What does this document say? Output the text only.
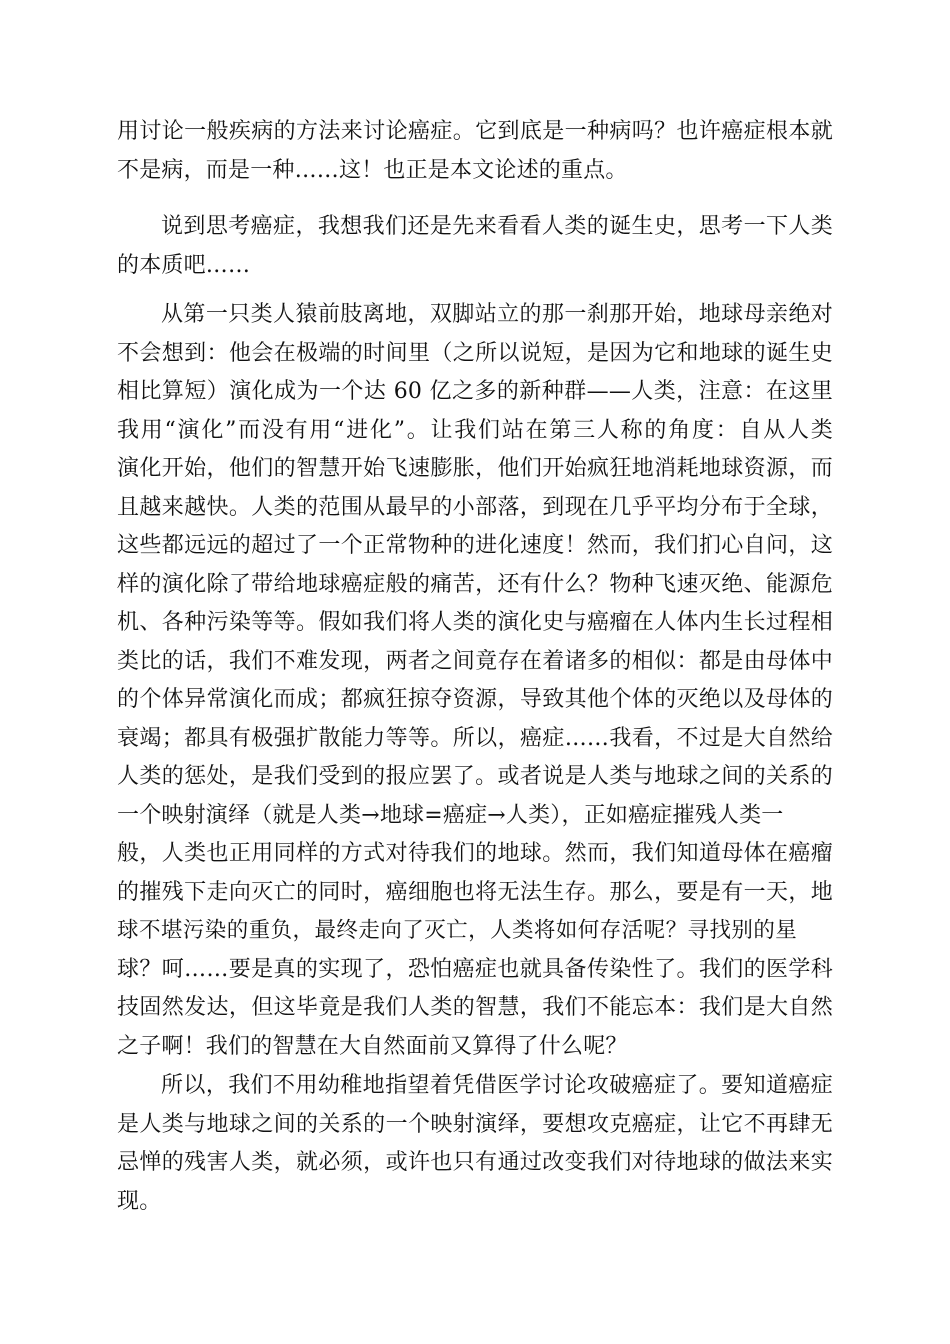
用讨论一般疾病的方法来讨论癌症。它到底是一种病吗？也许癌症根本就
不是病，而是一种……这！也正是本文论述的重点。
说到思考癌症，我想我们还是先来看看人类的诞生史，思考一下人类
的本质吧……
从第一只类人猿前肢离地，双脚站立的那一刹那开始，地球母亲绝对
不会想到：他会在极端的时间里（之所以说短，是因为它和地球的诞生史
相比算短）演化成为一个达 60 亿之多的新种群——人类，注意：在这里
我用“演化”而没有用“进化”。让我们站在第三人称的角度：自从人类
演化开始，他们的智慧开始飞速膨胀，他们开始疯狂地消耗地球资源，而
且越来越快。人类的范围从最早的小部落，到现在几乎平均分布于全球，
这些都远远的超过了一个正常物种的进化速度！然而，我们扪心自问，这
样的演化除了带给地球癌症般的痛苦，还有什么？物种飞速灭绝、能源危
机、各种污染等等。假如我们将人类的演化史与癌瘤在人体内生长过程相
类比的话，我们不难发现，两者之间竟存在着诸多的相似：都是由母体中
的个体异常演化而成；都疯狂掠夺资源，导致其他个体的灭绝以及母体的
衰竭；都具有极强扩散能力等等。所以，癌症……我看，不过是大自然给
人类的惩处，是我们受到的报应罢了。或者说是人类与地球之间的关系的
一个映射演绎（就是人类→地球=癌症→人类），正如癌症摧残人类一
般，人类也正用同样的方式对待我们的地球。然而，我们知道母体在癌瘤
的摧残下走向灭亡的同时，癌细胞也将无法生存。那么，要是有一天，地
球不堪污染的重负，最终走向了灭亡，人类将如何存活呢？寻找别的星
球？呵……要是真的实现了，恐怕癌症也就具备传染性了。我们的医学科
技固然发达，但这毕竟是我们人类的智慧，我们不能忘本：我们是大自然
之子啊！我们的智慧在大自然面前又算得了什么呢？
所以，我们不用幼稚地指望着凭借医学讨论攻破癌症了。要知道癌症
是人类与地球之间的关系的一个映射演绎，要想攻克癌症，让它不再肆无
忌惮的残害人类，就必须，或许也只有通过改变我们对待地球的做法来实
现。
